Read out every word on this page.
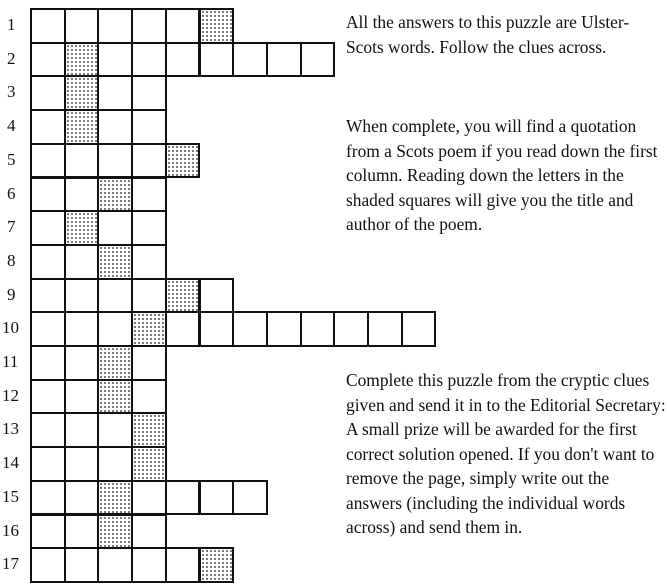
1
2
3
4
5
6
7
8
9
10
11
12
13
14
15
16
17

All the answers to this puzzle are Ulster-Scots words. Follow the clues across.

When complete, you will find a quotation from a Scots poem if you read down the first column. Reading down the letters in the shaded squares will give you the title and author of the poem.

Complete this puzzle from the cryptic clues given and send it in to the Editorial Secretary: A small prize will be awarded for the first correct solution opened. If you don't want to remove the page, simply write out the answers (including the individual words across) and send them in.
